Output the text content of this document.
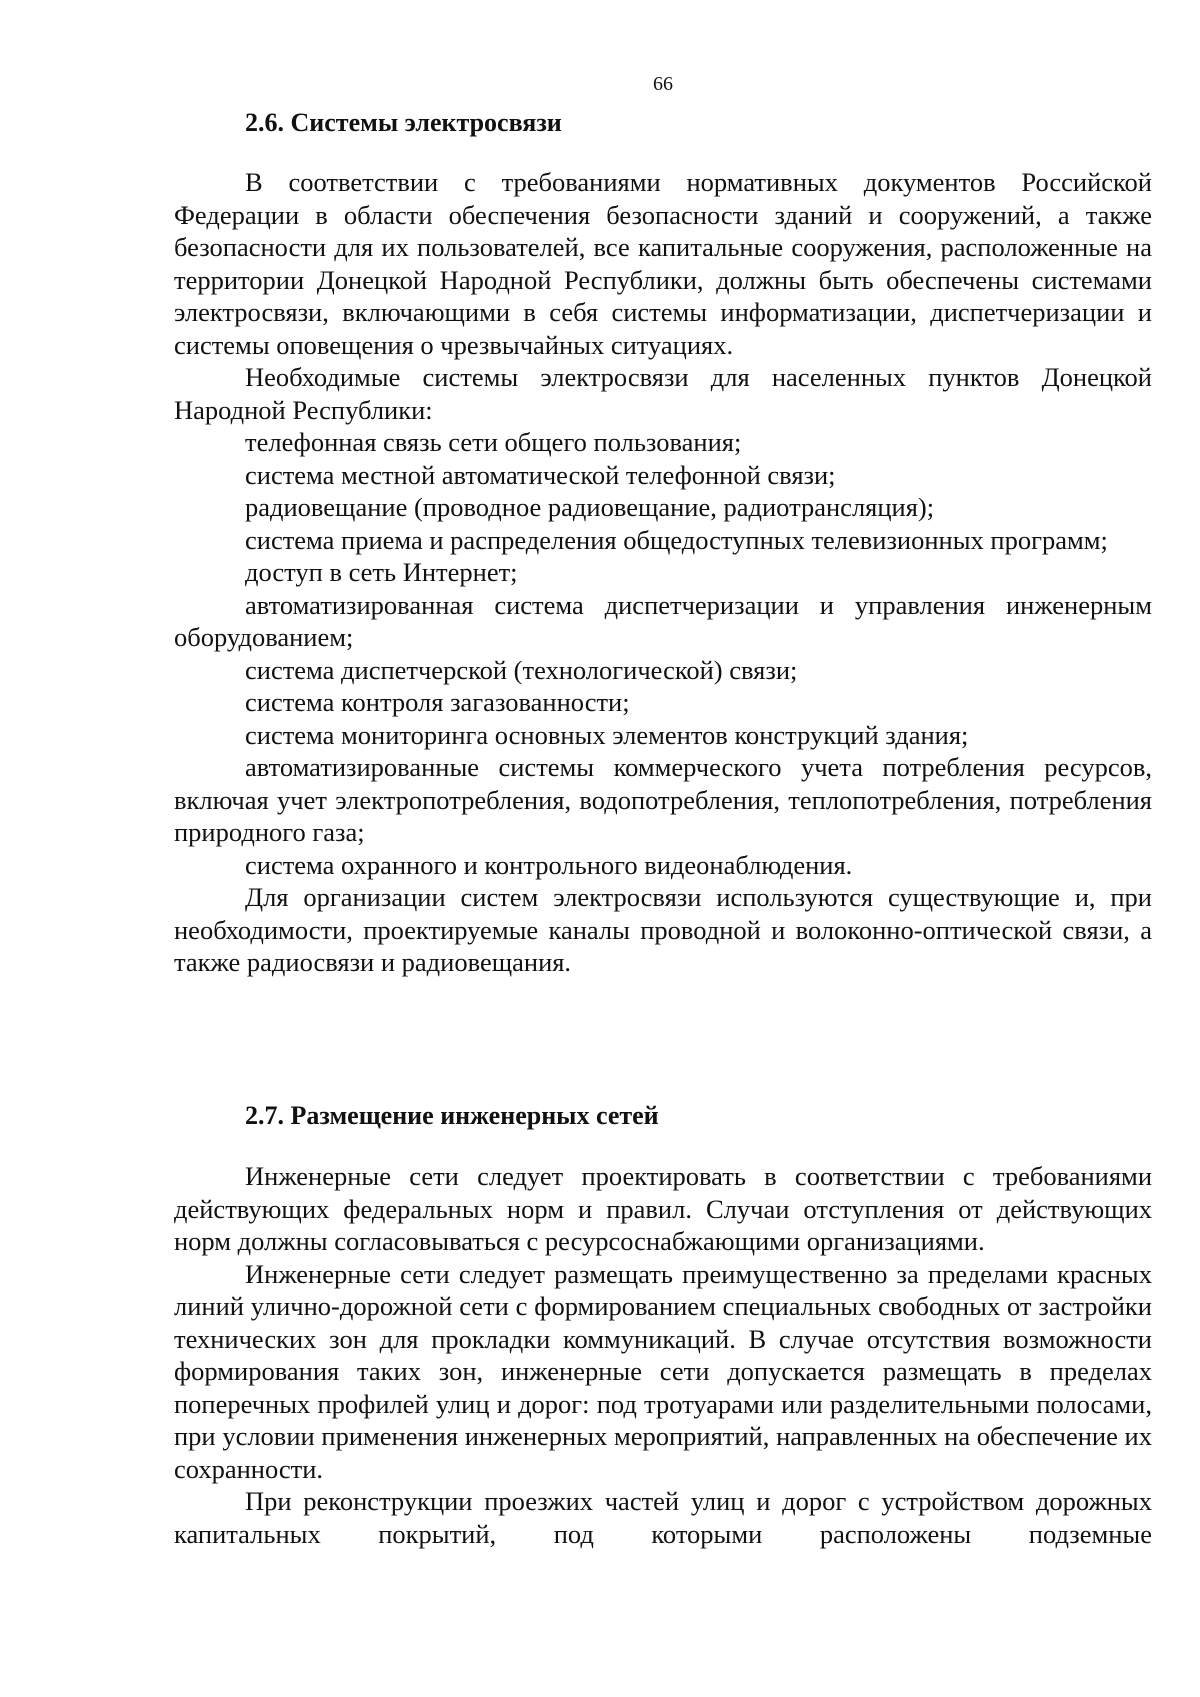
66
2.6. Системы электросвязи

В соответствии с требованиями нормативных документов Российской Федерации в области обеспечения безопасности зданий и сооружений, а также безопасности для их пользователей, все капитальные сооружения, расположенные на территории Донецкой Народной Республики, должны быть обеспечены системами электросвязи, включающими в себя системы информатизации, диспетчеризации и системы оповещения о чрезвычайных ситуациях.

Необходимые системы электросвязи для населенных пунктов Донецкой Народной Республики:

телефонная связь сети общего пользования;

система местной автоматической телефонной связи;

радиовещание (проводное радиовещание, радиотрансляция);

система приема и распределения общедоступных телевизионных программ;

доступ в сеть Интернет;

автоматизированная система диспетчеризации и управления инженерным оборудованием;

система диспетчерской (технологической) связи;

система контроля загазованности;

система мониторинга основных элементов конструкций здания;

автоматизированные системы коммерческого учета потребления ресурсов, включая учет электропотребления, водопотребления, теплопотребления, потребления природного газа;

система охранного и контрольного видеонаблюдения.

Для организации систем электросвязи используются существующие и, при необходимости, проектируемые каналы проводной и волоконно-оптической связи, а также радиосвязи и радиовещания.

2.7. Размещение инженерных сетей

Инженерные сети следует проектировать в соответствии с требованиями действующих федеральных норм и правил. Случаи отступления от действующих норм должны согласовываться с ресурсоснабжающими организациями.

Инженерные сети следует размещать преимущественно за пределами красных линий улично-дорожной сети с формированием специальных свободных от застройки технических зон для прокладки коммуникаций. В случае отсутствия возможности формирования таких зон, инженерные сети допускается размещать в пределах поперечных профилей улиц и дорог: под тротуарами или разделительными полосами, при условии применения инженерных мероприятий, направленных на обеспечение их сохранности.

При реконструкции проезжих частей улиц и дорог с устройством дорожных капитальных покрытий, под которыми расположены подземные
